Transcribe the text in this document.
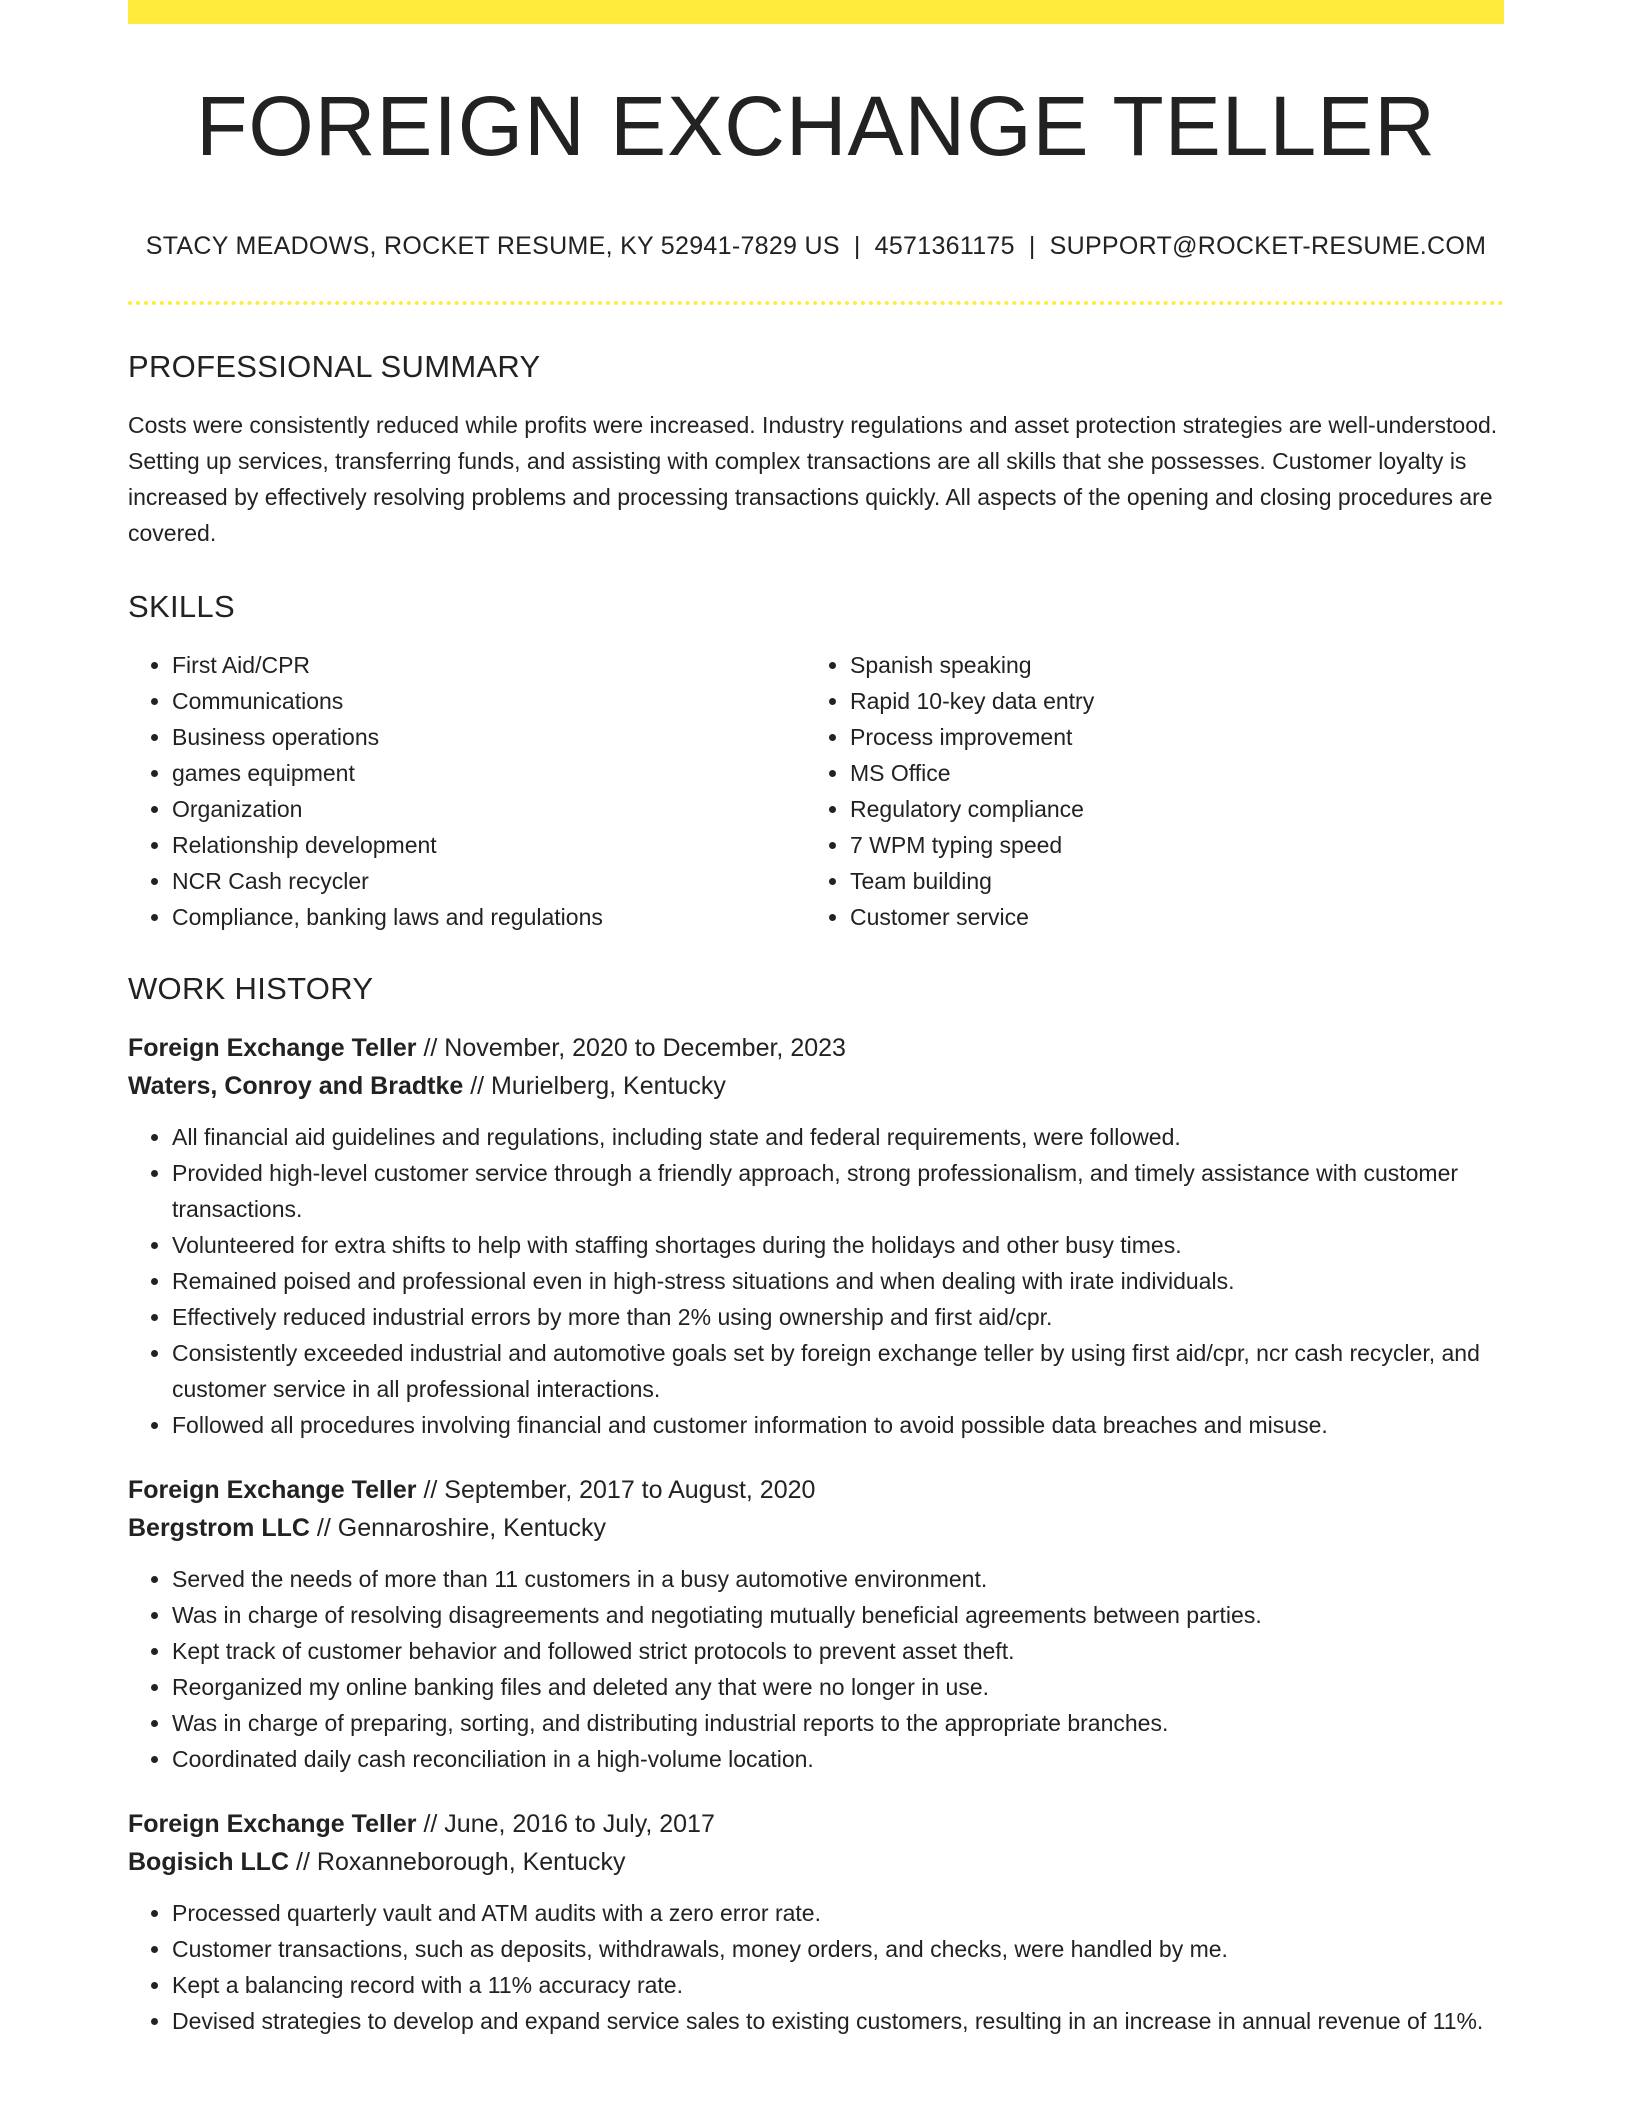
FOREIGN EXCHANGE TELLER
STACY MEADOWS, ROCKET RESUME, KY 52941-7829 US | 4571361175 | SUPPORT@ROCKET-RESUME.COM
PROFESSIONAL SUMMARY

Costs were consistently reduced while profits were increased. Industry regulations and asset protection strategies are well-understood. Setting up services, transferring funds, and assisting with complex transactions are all skills that she possesses. Customer loyalty is increased by effectively resolving problems and processing transactions quickly. All aspects of the opening and closing procedures are covered.

SKILLS
• First Aid/CPR
• Communications
• Business operations
• games equipment
• Organization
• Relationship development
• NCR Cash recycler
• Compliance, banking laws and regulations
• Spanish speaking
• Rapid 10-key data entry
• Process improvement
• MS Office
• Regulatory compliance
• 7 WPM typing speed
• Team building
• Customer service
WORK HISTORY
Foreign Exchange Teller // November, 2020 to December, 2023
Waters, Conroy and Bradtke // Murielberg, Kentucky
• All financial aid guidelines and regulations, including state and federal requirements, were followed.
• Provided high-level customer service through a friendly approach, strong professionalism, and timely assistance with customer transactions.
• Volunteered for extra shifts to help with staffing shortages during the holidays and other busy times.
• Remained poised and professional even in high-stress situations and when dealing with irate individuals.
• Effectively reduced industrial errors by more than 2% using ownership and first aid/cpr.
• Consistently exceeded industrial and automotive goals set by foreign exchange teller by using first aid/cpr, ncr cash recycler, and customer service in all professional interactions.
• Followed all procedures involving financial and customer information to avoid possible data breaches and misuse.
Foreign Exchange Teller // September, 2017 to August, 2020
Bergstrom LLC // Gennaroshire, Kentucky
• Served the needs of more than 11 customers in a busy automotive environment.
• Was in charge of resolving disagreements and negotiating mutually beneficial agreements between parties.
• Kept track of customer behavior and followed strict protocols to prevent asset theft.
• Reorganized my online banking files and deleted any that were no longer in use.
• Was in charge of preparing, sorting, and distributing industrial reports to the appropriate branches.
• Coordinated daily cash reconciliation in a high-volume location.
Foreign Exchange Teller // June, 2016 to July, 2017
Bogisich LLC // Roxanneborough, Kentucky
• Processed quarterly vault and ATM audits with a zero error rate.
• Customer transactions, such as deposits, withdrawals, money orders, and checks, were handled by me.
• Kept a balancing record with a 11% accuracy rate.
• Devised strategies to develop and expand service sales to existing customers, resulting in an increase in annual revenue of 11%.
